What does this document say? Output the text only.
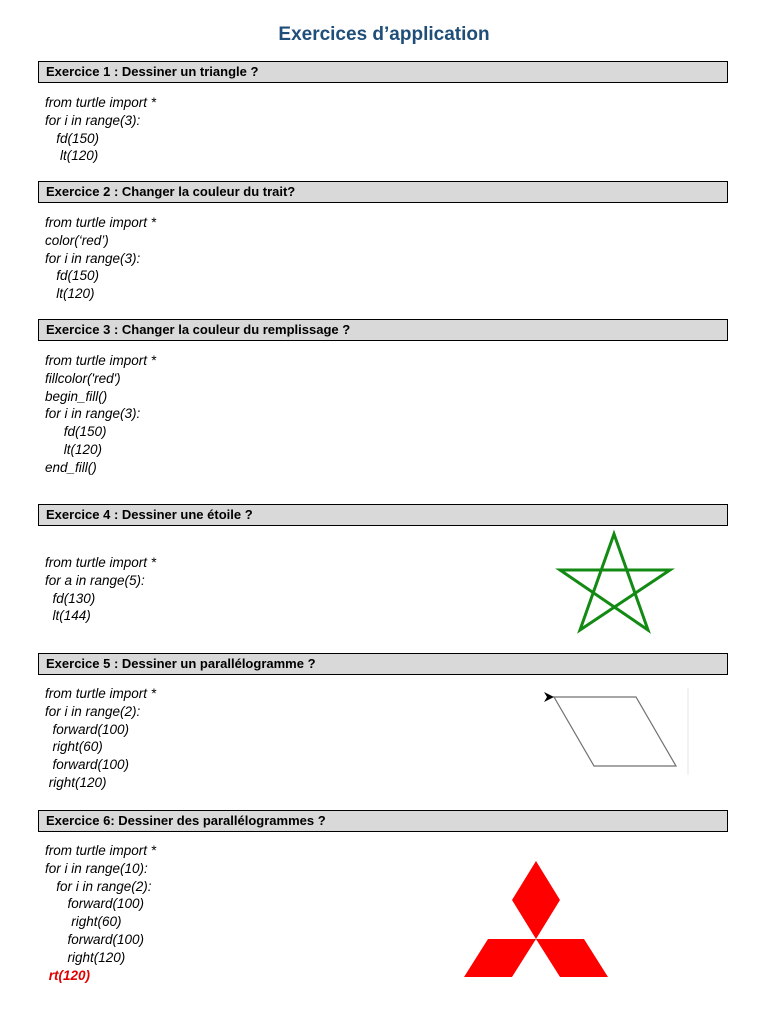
Exercices d’application
Exercice 1 : Dessiner un triangle ?
from turtle import *
for i in range(3):
fd(150)
lt(120)
Exercice 2 : Changer la couleur du trait?
from turtle import *
color(‘red’)
for i in range(3):
fd(150)
lt(120)
Exercice 3 : Changer la couleur du remplissage ?
from turtle import *
fillcolor('red')
begin_fill()
for i in range(3):
fd(150)
lt(120)
end_fill()
Exercice 4 : Dessiner une étoile ?
from turtle import *
for a in range(5):
fd(130)
lt(144)
Exercice 5 : Dessiner un parallélogramme ?
from turtle import *
for i in range(2):
forward(100)
right(60)
forward(100)
right(120)
Exercice 6: Dessiner des parallélogrammes ?
from turtle import *
for i in range(10):
for i in range(2):
forward(100)
right(60)
forward(100)
right(120)
rt(120)
